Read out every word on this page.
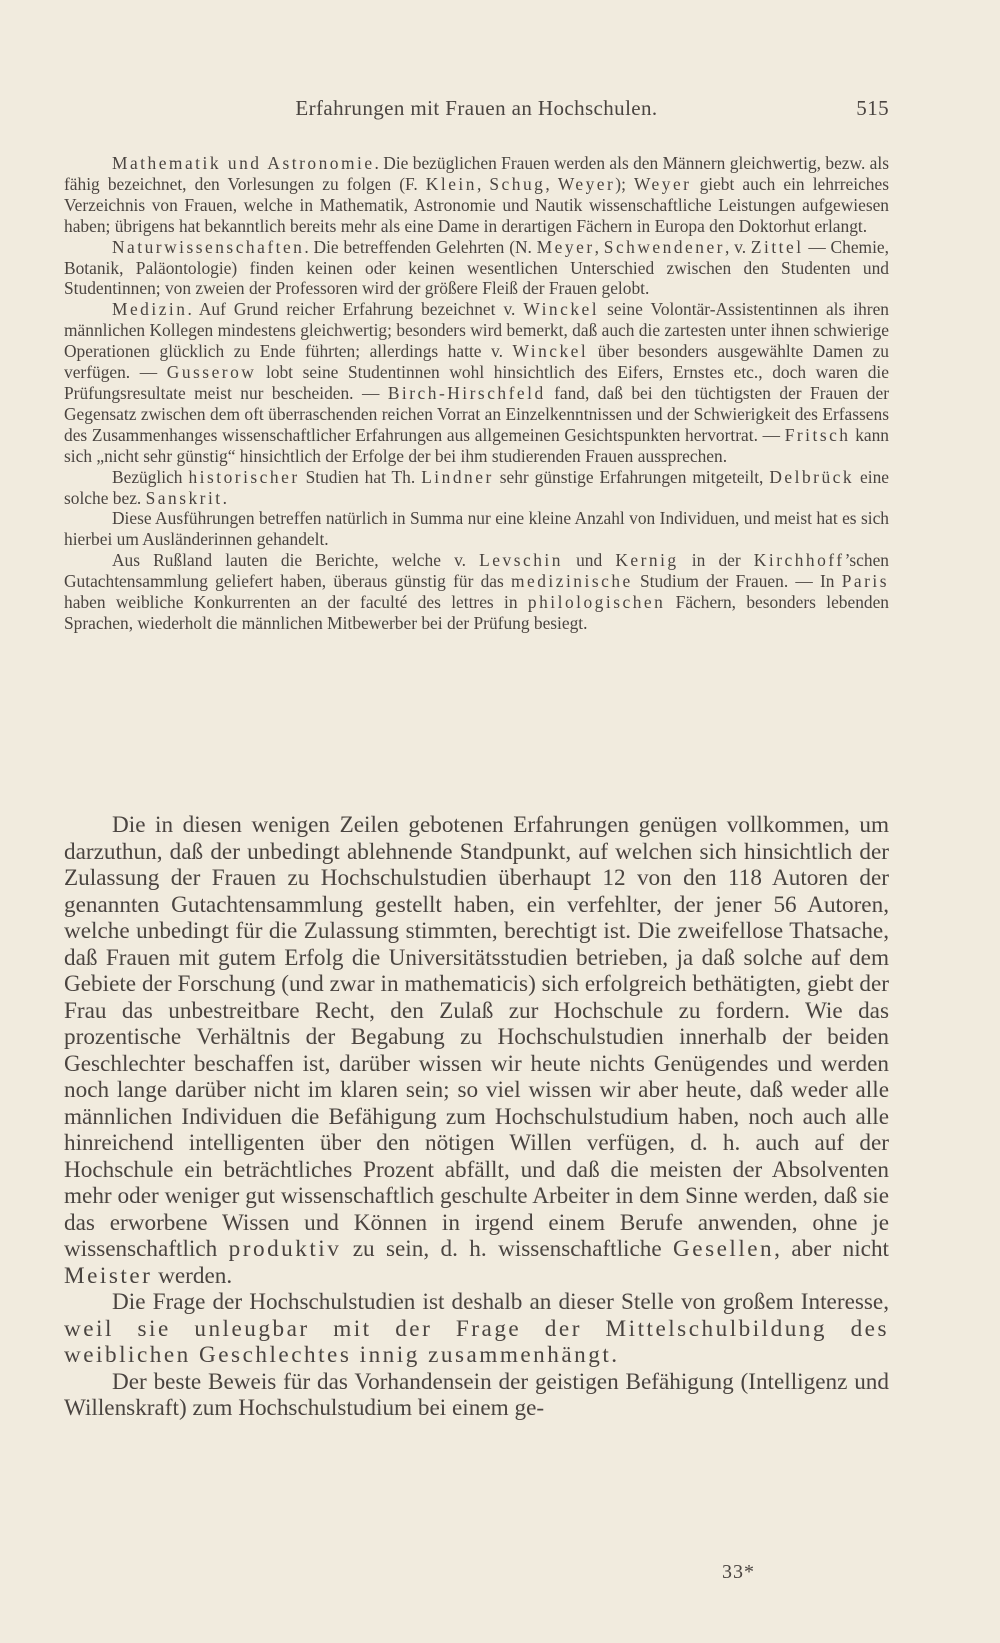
Erfahrungen mit Frauen an Hochschulen.	515

Mathematik und Astronomie. Die bezüglichen Frauen werden als den Männern gleichwertig, bezw. als fähig bezeichnet, den Vorlesungen zu folgen (F. Klein, Schug, Weyer); Weyer giebt auch ein lehrreiches Verzeichnis von Frauen, welche in Mathematik, Astronomie und Nautik wissenschaftliche Leistungen aufgewiesen haben; übrigens hat bekanntlich bereits mehr als eine Dame in derartigen Fächern in Europa den Doktorhut erlangt.

Naturwissenschaften. Die betreffenden Gelehrten (N. Meyer, Schwendener, v. Zittel — Chemie, Botanik, Paläontologie) finden keinen oder keinen wesentlichen Unterschied zwischen den Studenten und Studentinnen; von zweien der Professoren wird der größere Fleiß der Frauen gelobt.

Medizin. Auf Grund reicher Erfahrung bezeichnet v. Winckel seine Volontär-Assistentinnen als ihren männlichen Kollegen mindestens gleichwertig; besonders wird bemerkt, daß auch die zartesten unter ihnen schwierige Operationen glücklich zu Ende führten; allerdings hatte v. Winckel über besonders ausgewählte Damen zu verfügen. — Gusserow lobt seine Studentinnen wohl hinsichtlich des Eifers, Ernstes etc., doch waren die Prüfungsresultate meist nur bescheiden. — Birch-Hirschfeld fand, daß bei den tüchtigsten der Frauen der Gegensatz zwischen dem oft überraschenden reichen Vorrat an Einzelkenntnissen und der Schwierigkeit des Erfassens des Zusammenhanges wissenschaftlicher Erfahrungen aus allgemeinen Gesichtspunkten hervortrat. — Fritsch kann sich „nicht sehr günstig“ hinsichtlich der Erfolge der bei ihm studierenden Frauen aussprechen.

Bezüglich historischer Studien hat Th. Lindner sehr günstige Erfahrungen mitgeteilt, Delbrück eine solche bez. Sanskrit.

Diese Ausführungen betreffen natürlich in Summa nur eine kleine Anzahl von Individuen, und meist hat es sich hierbei um Ausländerinnen gehandelt.

Aus Rußland lauten die Berichte, welche v. Levschin und Kernig in der Kirchhoff’schen Gutachtensammlung geliefert haben, überaus günstig für das medizinische Studium der Frauen. — In Paris haben weibliche Konkurrenten an der faculté des lettres in philologischen Fächern, besonders lebenden Sprachen, wiederholt die männlichen Mitbewerber bei der Prüfung besiegt.

Die in diesen wenigen Zeilen gebotenen Erfahrungen genügen vollkommen, um darzuthun, daß der unbedingt ablehnende Standpunkt, auf welchen sich hinsichtlich der Zulassung der Frauen zu Hochschulstudien überhaupt 12 von den 118 Autoren der genannten Gutachtensammlung gestellt haben, ein verfehlter, der jener 56 Autoren, welche unbedingt für die Zulassung stimmten, berechtigt ist. Die zweifellose Thatsache, daß Frauen mit gutem Erfolg die Universitätsstudien betrieben, ja daß solche auf dem Gebiete der Forschung (und zwar in mathematicis) sich erfolgreich bethätigten, giebt der Frau das unbestreitbare Recht, den Zulaß zur Hochschule zu fordern. Wie das prozentische Verhältnis der Begabung zu Hochschulstudien innerhalb der beiden Geschlechter beschaffen ist, darüber wissen wir heute nichts Genügendes und werden noch lange darüber nicht im klaren sein; so viel wissen wir aber heute, daß weder alle männlichen Individuen die Befähigung zum Hochschulstudium haben, noch auch alle hinreichend intelligenten über den nötigen Willen verfügen, d. h. auch auf der Hochschule ein beträchtliches Prozent abfällt, und daß die meisten der Absolventen mehr oder weniger gut wissenschaftlich geschulte Arbeiter in dem Sinne werden, daß sie das erworbene Wissen und Können in irgend einem Berufe anwenden, ohne je wissenschaftlich produktiv zu sein, d. h. wissenschaftliche Gesellen, aber nicht Meister werden.

Die Frage der Hochschulstudien ist deshalb an dieser Stelle von großem Interesse, weil sie unleugbar mit der Frage der Mittelschulbildung des weiblichen Geschlechtes innig zusammenhängt.

Der beste Beweis für das Vorhandensein der geistigen Befähigung (Intelligenz und Willenskraft) zum Hochschulstudium bei einem ge-

33*
